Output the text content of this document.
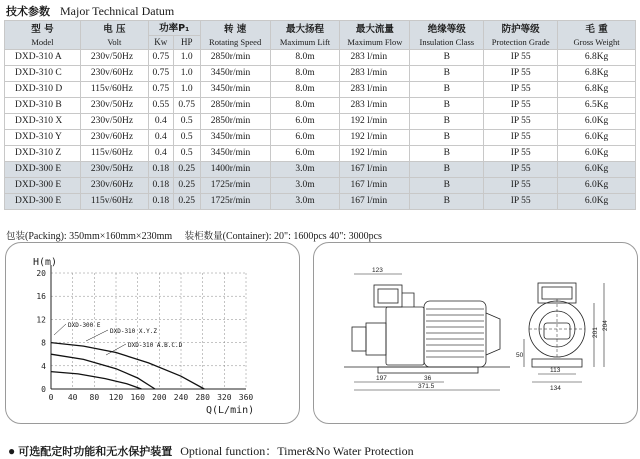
技术参数 Major Technical Datum
型 号
Model	电 压
Volt	功率P₁		转 速
Rotating Speed	最大扬程
Maximum Lift	最大流量
Maximum Flow	绝缘等级
Insulation Class	防护等级
Protection Grade	毛 重
Gross Weight

		Kw	HP						
DXD-310 A	230v/50Hz	0.75	1.0	2850r/min	8.0m	283 l/min	B	IP 55	6.8Kg
DXD-310 C	230v/60Hz	0.75	1.0	3450r/min	8.0m	283 l/min	B	IP 55	6.8Kg
DXD-310 D	115v/60Hz	0.75	1.0	3450r/min	8.0m	283 l/min	B	IP 55	6.8Kg
DXD-310 B	230v/50Hz	0.55	0.75	2850r/min	8.0m	283 l/min	B	IP 55	6.5Kg
DXD-310 X	230v/50Hz	0.4	0.5	2850r/min	6.0m	192 l/min	B	IP 55	6.0Kg
DXD-310 Y	230v/60Hz	0.4	0.5	3450r/min	6.0m	192 l/min	B	IP 55	6.0Kg
DXD-310 Z	115v/60Hz	0.4	0.5	3450r/min	6.0m	192 l/min	B	IP 55	6.0Kg
DXD-300 E	230v/50Hz	0.18	0.25	1400r/min	3.0m	167 l/min	B	IP 55	6.0Kg
DXD-300 E	230v/60Hz	0.18	0.25	1725r/min	3.0m	167 l/min	B	IP 55	6.0Kg
DXD-300 E	115v/60Hz	0.18	0.25	1725r/min	3.0m	167 l/min	B	IP 55	6.0Kg
包装(Packing): 350mm×160mm×230mm 装柜数量(Container): 20": 1600pcs 40": 3000pcs
0 40 80 120 160 200 240 280 320 360
0
4
8
12
16
20
H(m)
Q(L/min)
DXD-310 A.B.C.D
DXD-310 X.Y.Z
DXD-300 E
123
197
371.5
36
113
134
50
201
204
● 可选配定时功能和无水保护装置 Optional function：Timer&No Water Protection
